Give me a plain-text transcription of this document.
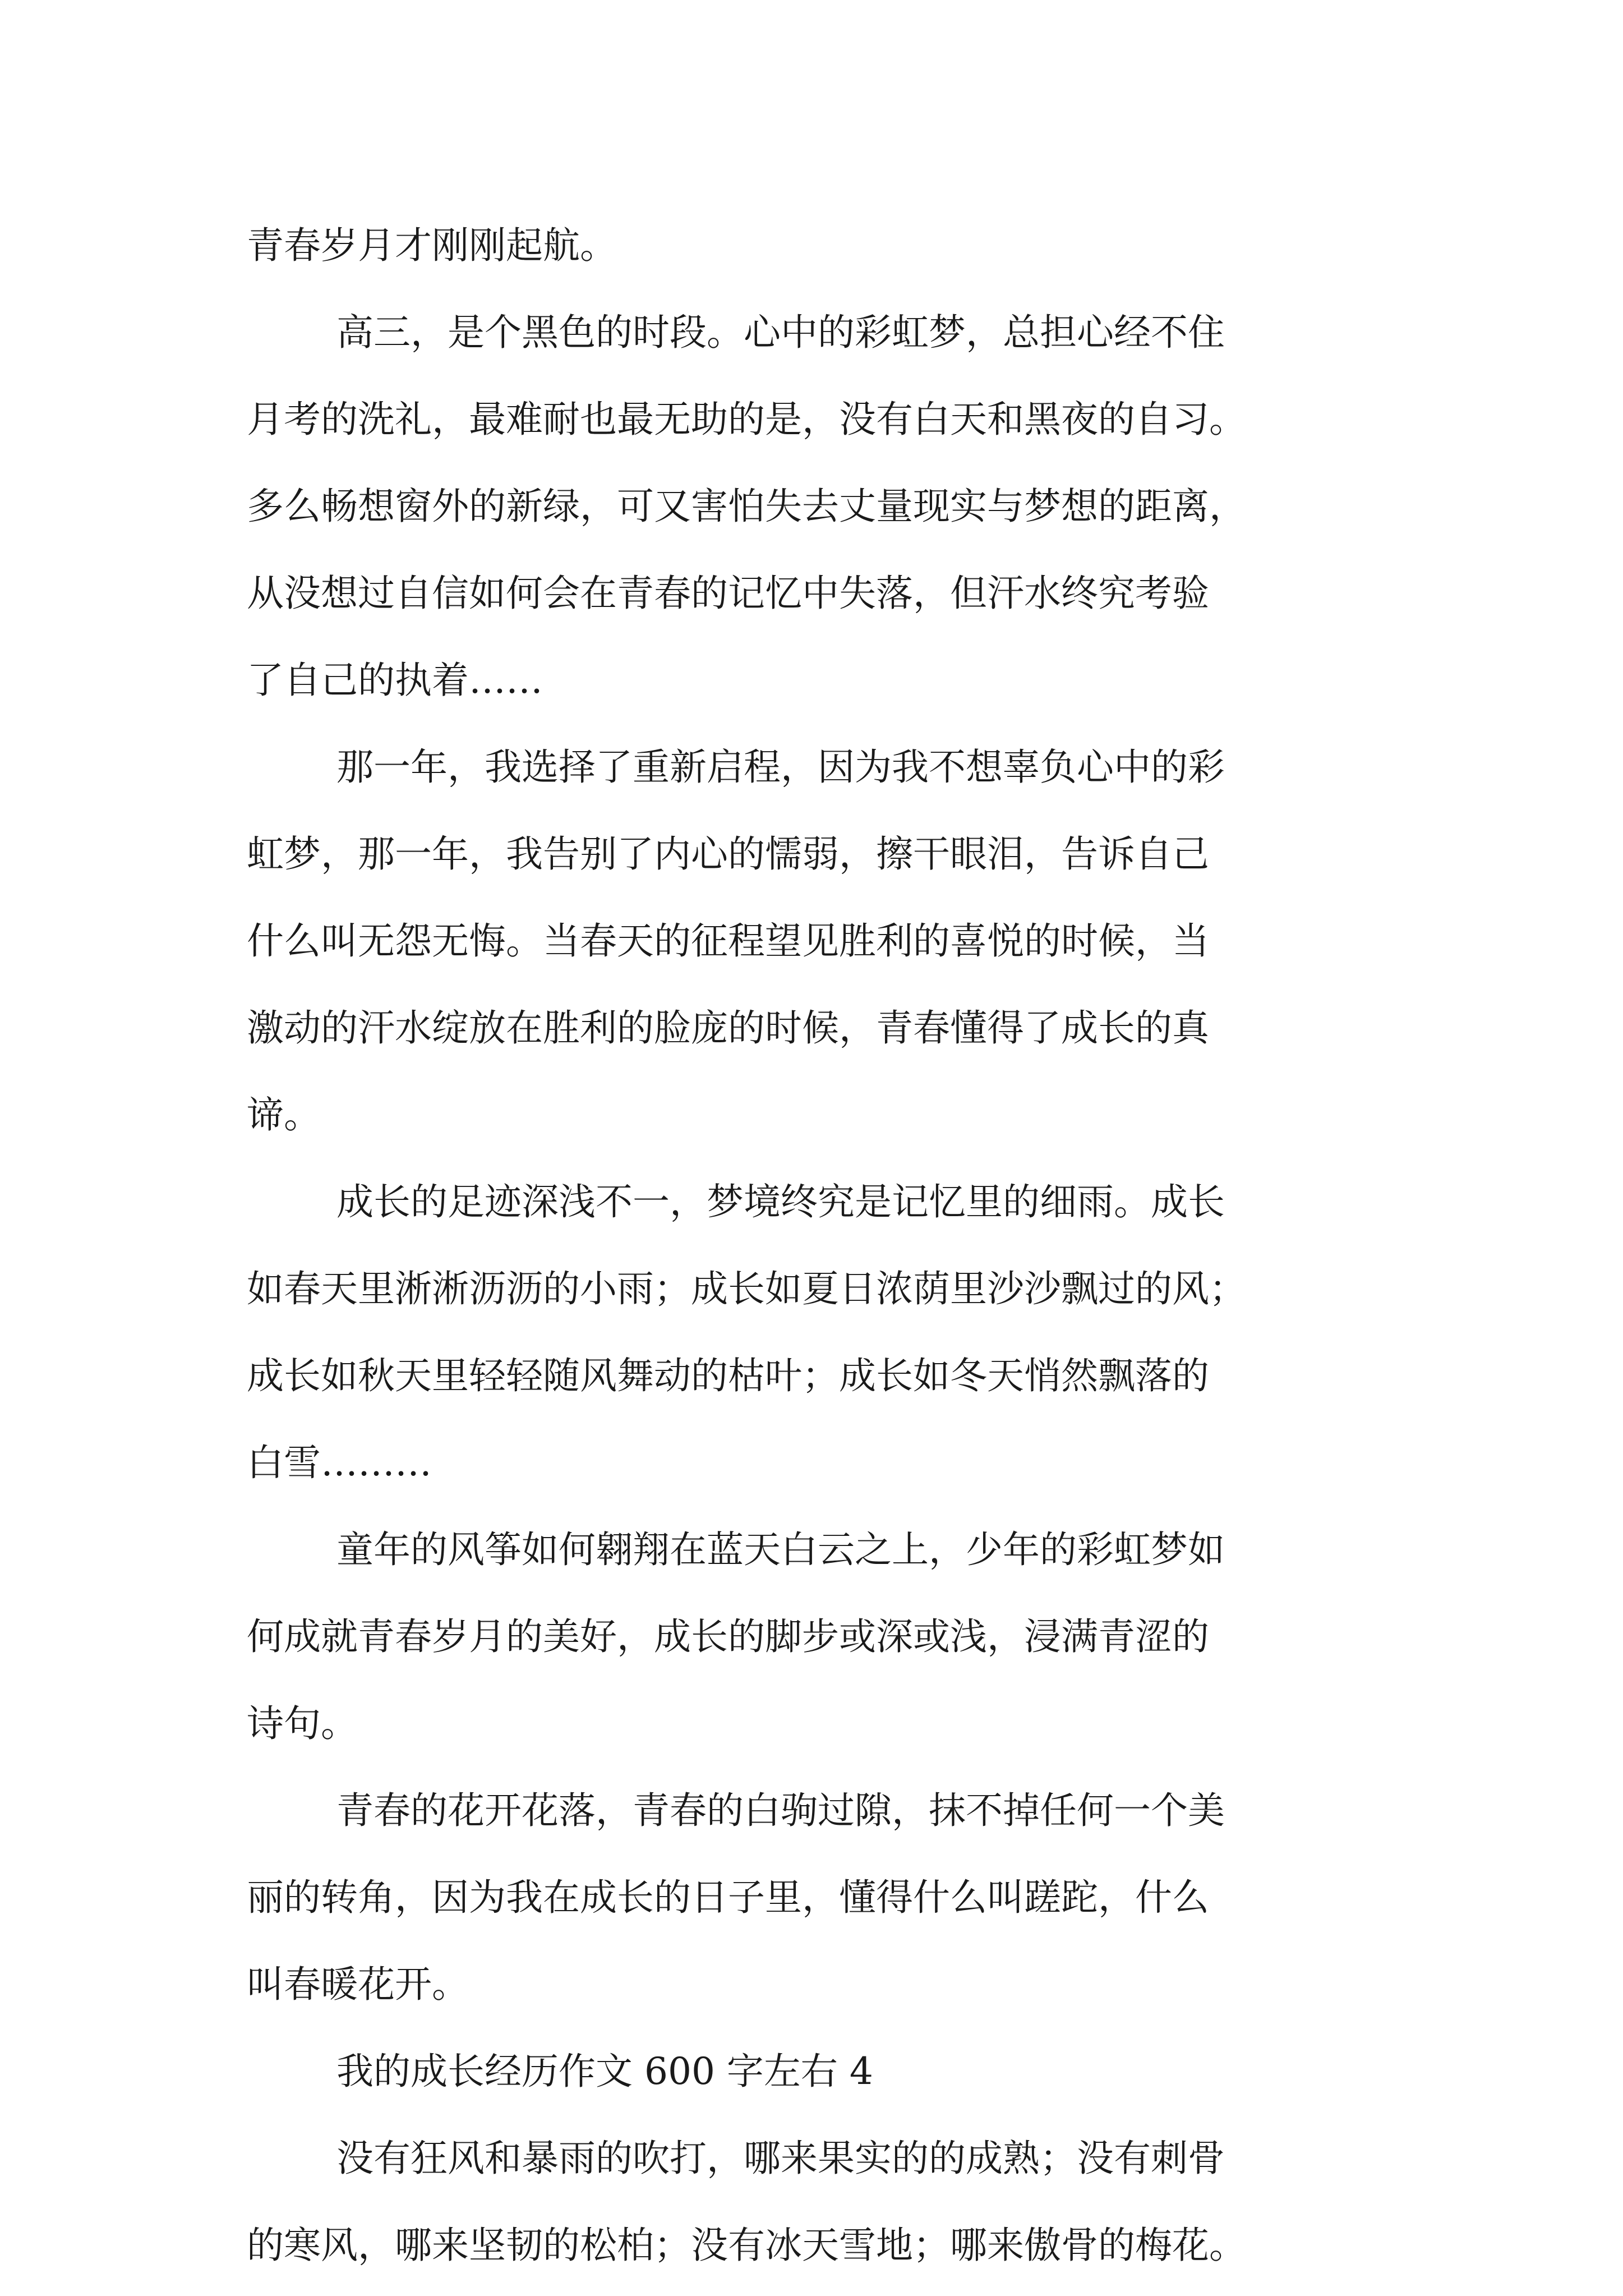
青春岁月才刚刚起航。

高三，是个黑色的时段。心中的彩虹梦，总担心经不住

月考的洗礼，最难耐也最无助的是，没有白天和黑夜的自习。

多么畅想窗外的新绿，可又害怕失去丈量现实与梦想的距离，

从没想过自信如何会在青春的记忆中失落，但汗水终究考验

了自己的执着……

那一年，我选择了重新启程，因为我不想辜负心中的彩

虹梦，那一年，我告别了内心的懦弱，擦干眼泪，告诉自己

什么叫无怨无悔。当春天的征程望见胜利的喜悦的时候，当

激动的汗水绽放在胜利的脸庞的时候，青春懂得了成长的真

谛。

成长的足迹深浅不一，梦境终究是记忆里的细雨。成长

如春天里淅淅沥沥的小雨；成长如夏日浓荫里沙沙飘过的风；

成长如秋天里轻轻随风舞动的枯叶；成长如冬天悄然飘落的

白雪………

童年的风筝如何翱翔在蓝天白云之上，少年的彩虹梦如

何成就青春岁月的美好，成长的脚步或深或浅，浸满青涩的

诗句。

青春的花开花落，青春的白驹过隙，抹不掉任何一个美

丽的转角，因为我在成长的日子里，懂得什么叫蹉跎，什么

叫春暖花开。

我的成长经历作文 600 字左右 4

没有狂风和暴雨的吹打，哪来果实的的成熟；没有刺骨

的寒风，哪来坚韧的松柏；没有冰天雪地；哪来傲骨的梅花。
